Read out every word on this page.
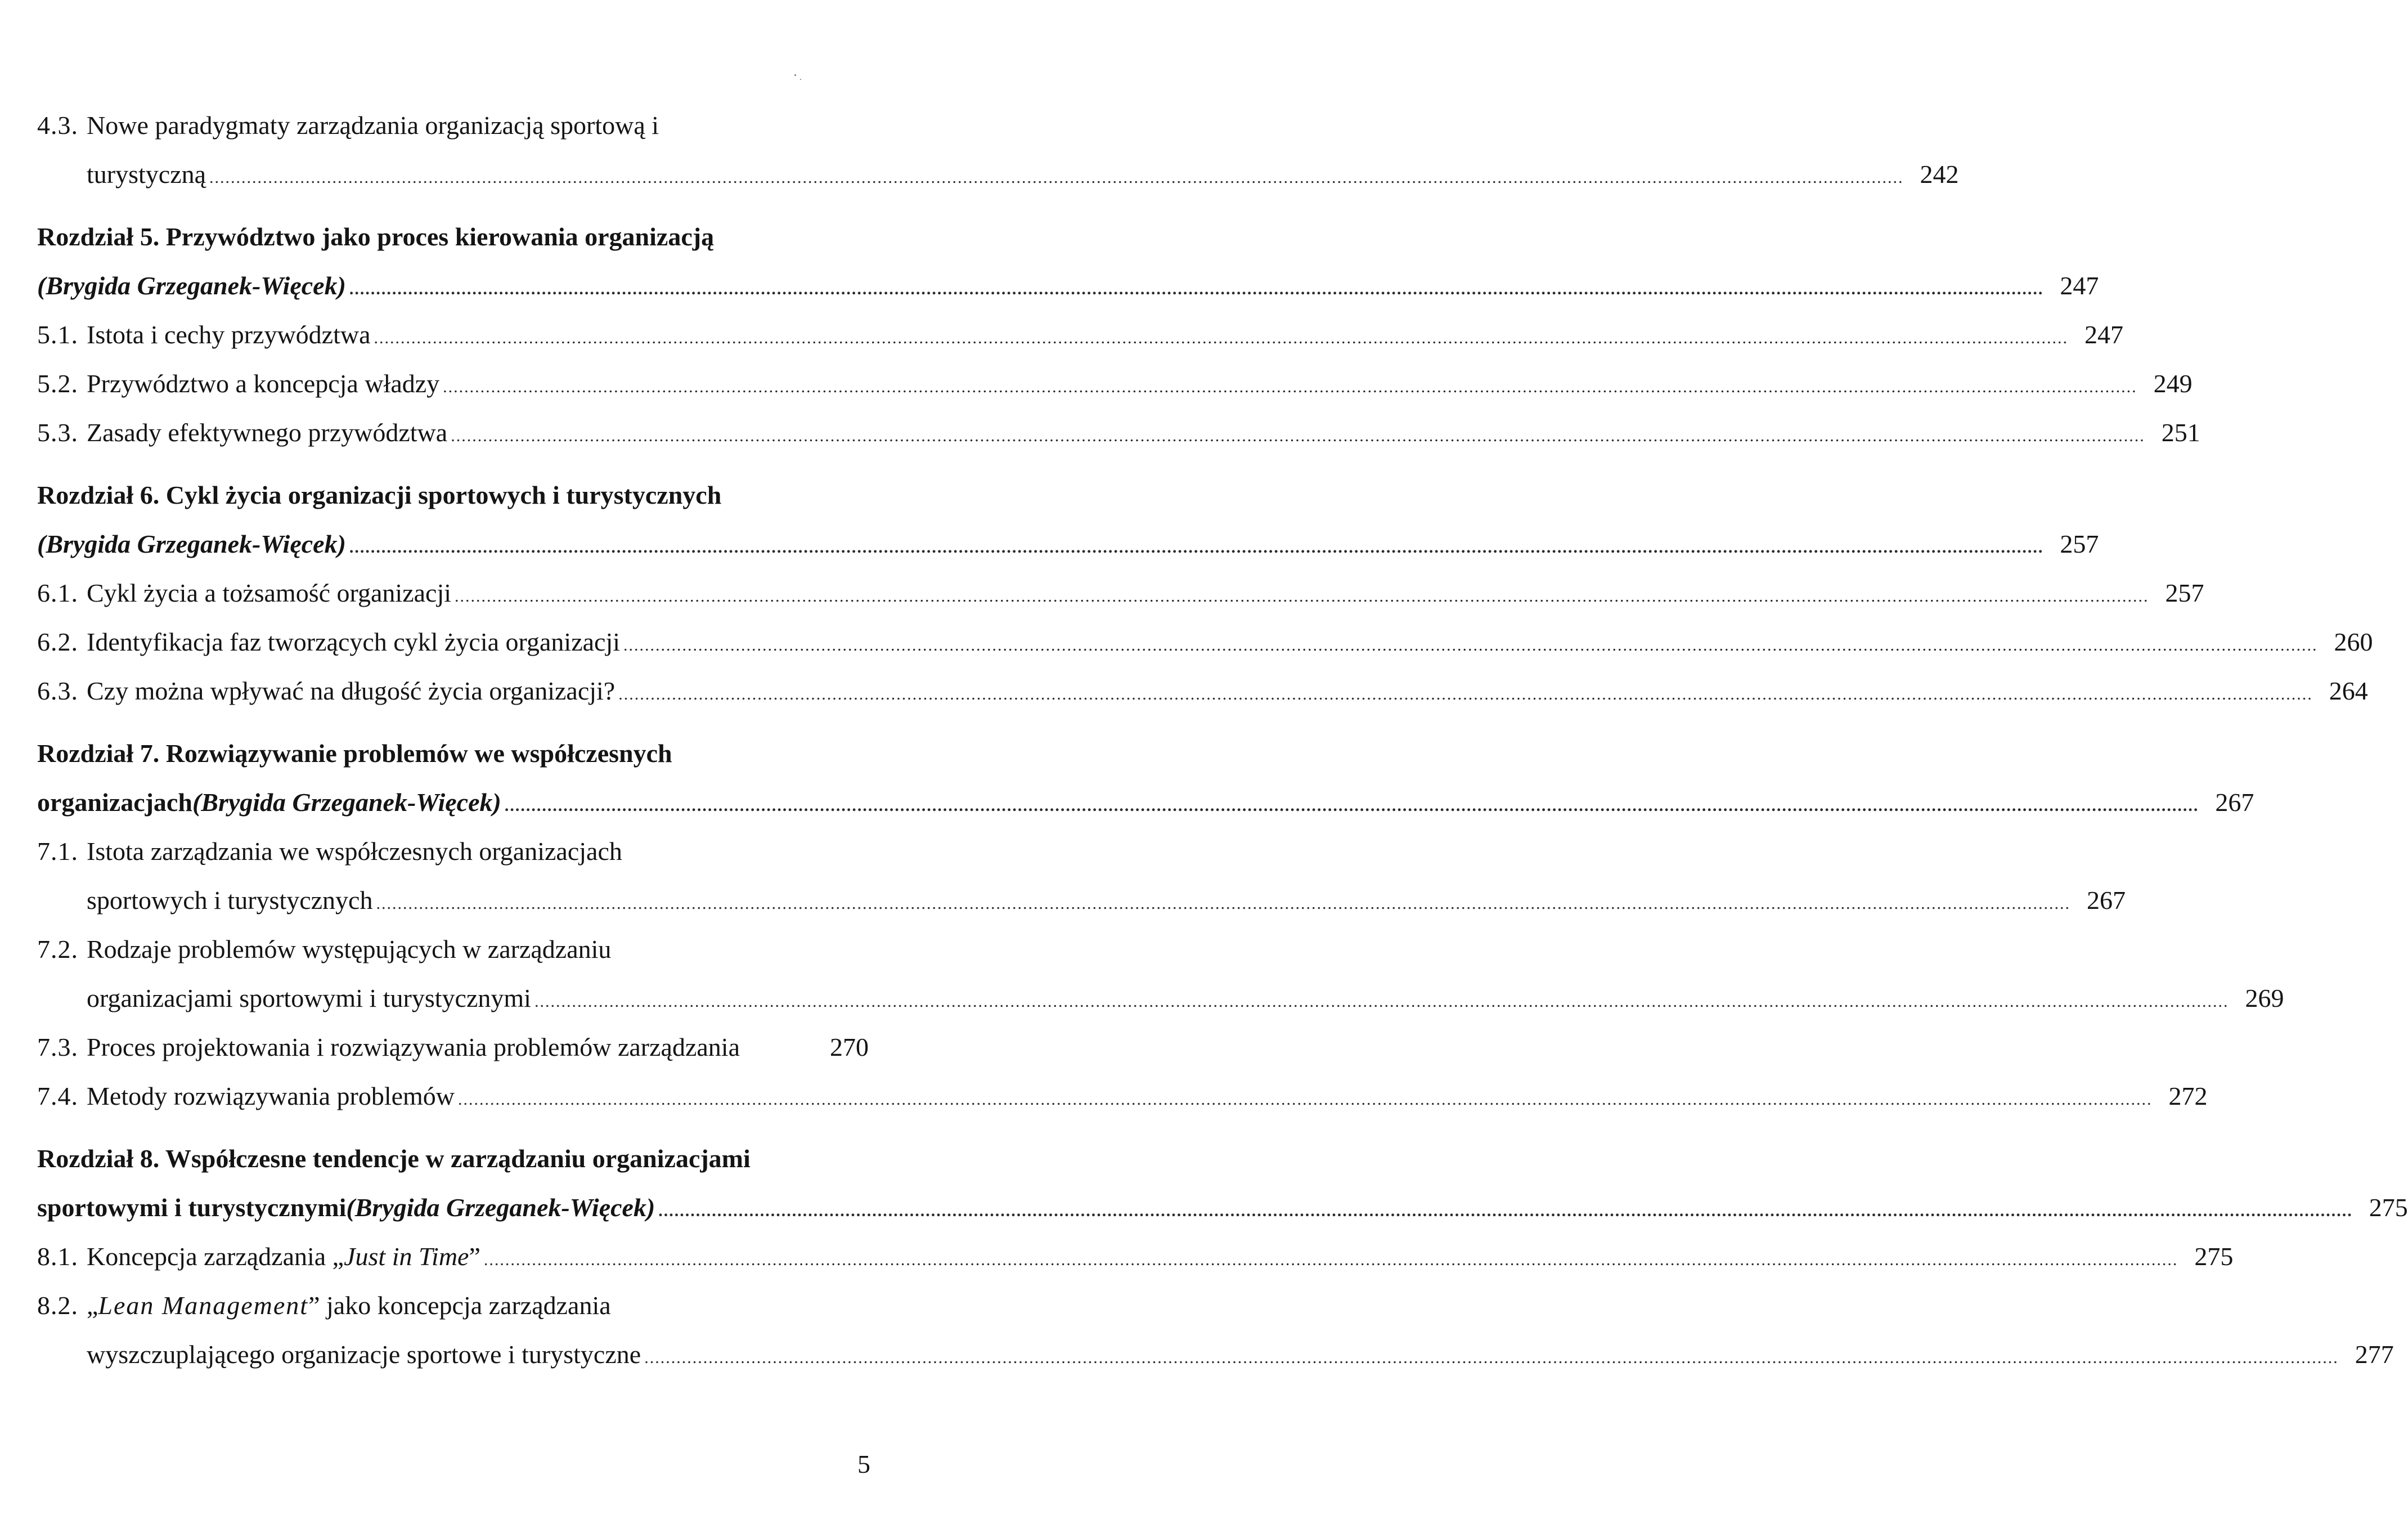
4.3. Nowe paradygmaty zarządzania organizacją sportową i
turystyczną .....	242
Rozdział 5. Przywództwo jako proces kierowania organizacją
(Brygida Grzeganek-Więcek) .....	247
5.1. Istota i cechy przywództwa .....	247
5.2. Przywództwo a koncepcja władzy .....	249
5.3. Zasady efektywnego przywództwa .....	251
Rozdział 6. Cykl życia organizacji sportowych i turystycznych
(Brygida Grzeganek-Więcek) .....	257
6.1. Cykl życia a tożsamość organizacji .....	257
6.2. Identyfikacja faz tworzących cykl życia organizacji .....	260
6.3. Czy można wpływać na długość życia organizacji? .....	264
Rozdział 7. Rozwiązywanie problemów we współczesnych
organizacjach (Brygida Grzeganek-Więcek) .....	267
7.1. Istota zarządzania we współczesnych organizacjach
sportowych i turystycznych .....	267
7.2. Rodzaje problemów występujących w zarządzaniu
organizacjami sportowymi i turystycznymi .....	269
7.3. Proces projektowania i rozwiązywania problemów zarządzania	270
7.4. Metody rozwiązywania problemów .....	272
Rozdział 8. Współczesne tendencje w zarządzaniu organizacjami
sportowymi i turystycznymi (Brygida Grzeganek-Więcek) .....	275
8.1. Koncepcja zarządzania „Just in Time” .....	275
8.2. „Lean Management” jako koncepcja zarządzania
wyszczuplającego organizacje sportowe i turystyczne .....	277
5
